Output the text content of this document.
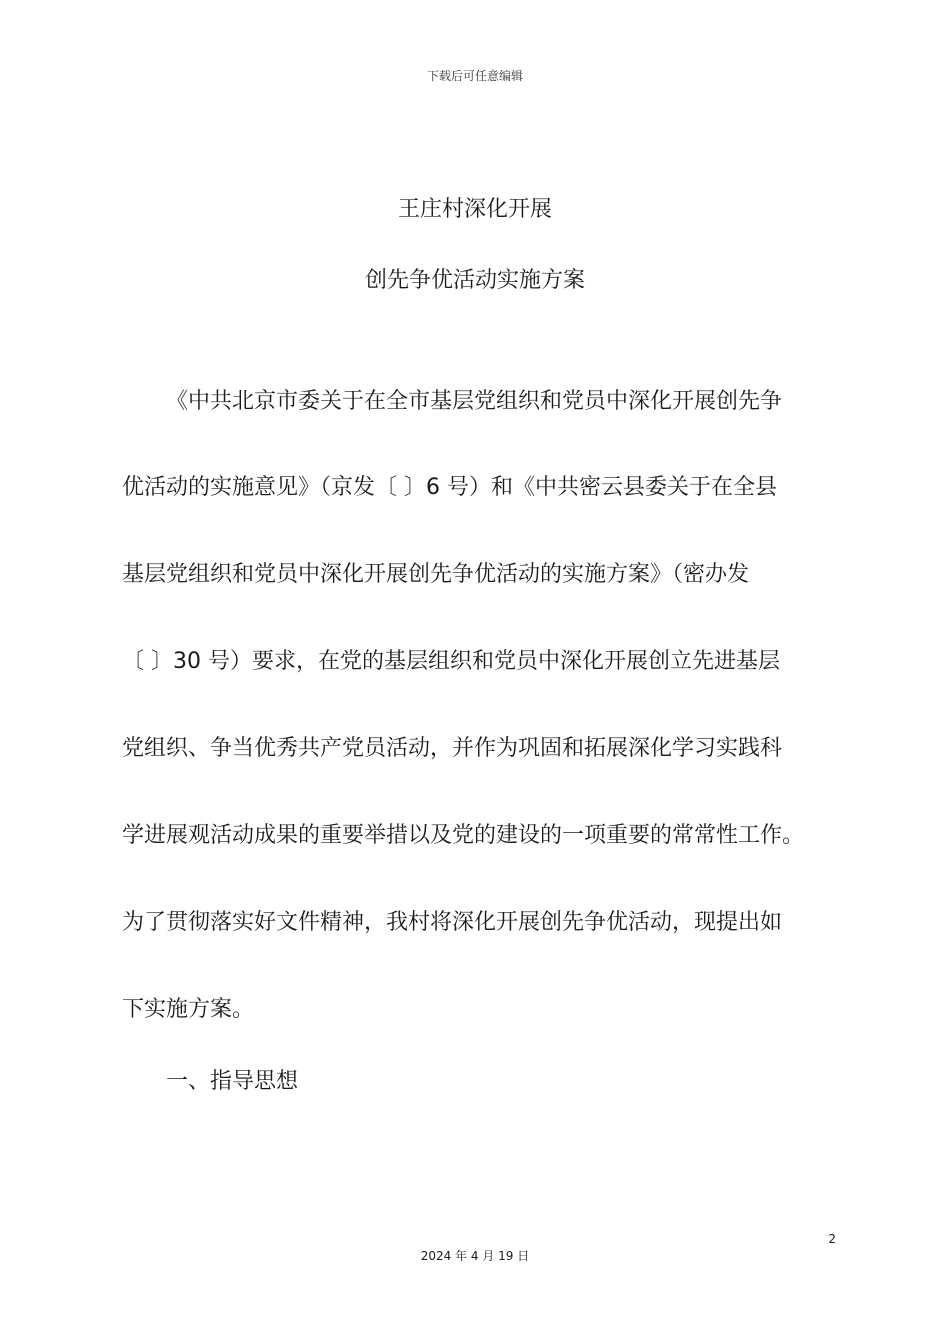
下载后可任意编辑
王庄村深化开展
创先争优活动实施方案
《中共北京市委关于在全市基层党组织和党员中深化开展创先争
优活动的实施意见》（京发〔 〕6 号）和《中共密云县委关于在全县
基层党组织和党员中深化开展创先争优活动的实施方案》（密办发
〔 〕30 号）要求，在党的基层组织和党员中深化开展创立先进基层
党组织、争当优秀共产党员活动，并作为巩固和拓展深化学习实践科
学进展观活动成果的重要举措以及党的建设的一项重要的常常性工作。
为了贯彻落实好文件精神，我村将深化开展创先争优活动，现提出如
下实施方案。
一、指导思想
2
2024 年 4 月 19 日
